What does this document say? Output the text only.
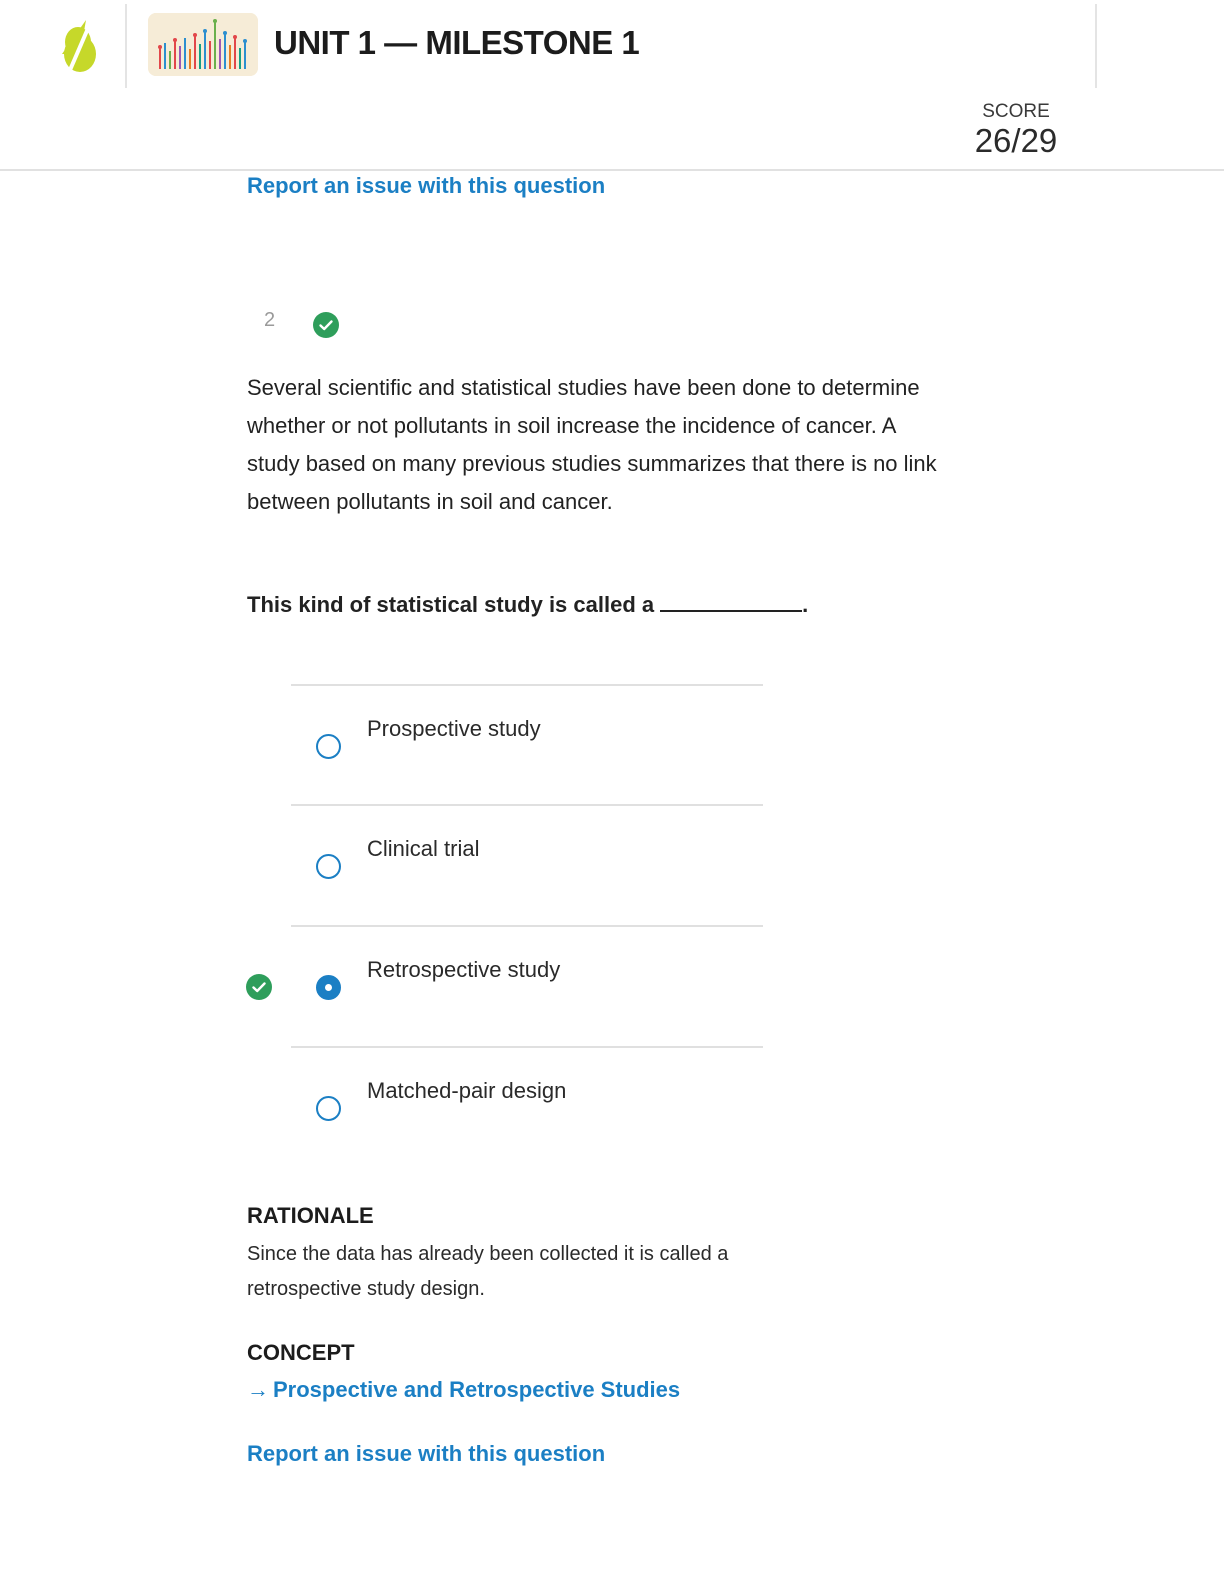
UNIT 1 — MILESTONE 1
SCORE
26/29
Report an issue with this question
2
Several scientific and statistical studies have been done to determine whether or not pollutants in soil increase the incidence of cancer. A study based on many previous studies summarizes that there is no link between pollutants in soil and cancer.
This kind of statistical study is called a	.
Prospective study
Clinical trial
Retrospective study
Matched-pair design
RATIONALE
Since the data has already been collected it is called a retrospective study design.
CONCEPT
→ Prospective and Retrospective Studies
Report an issue with this question
